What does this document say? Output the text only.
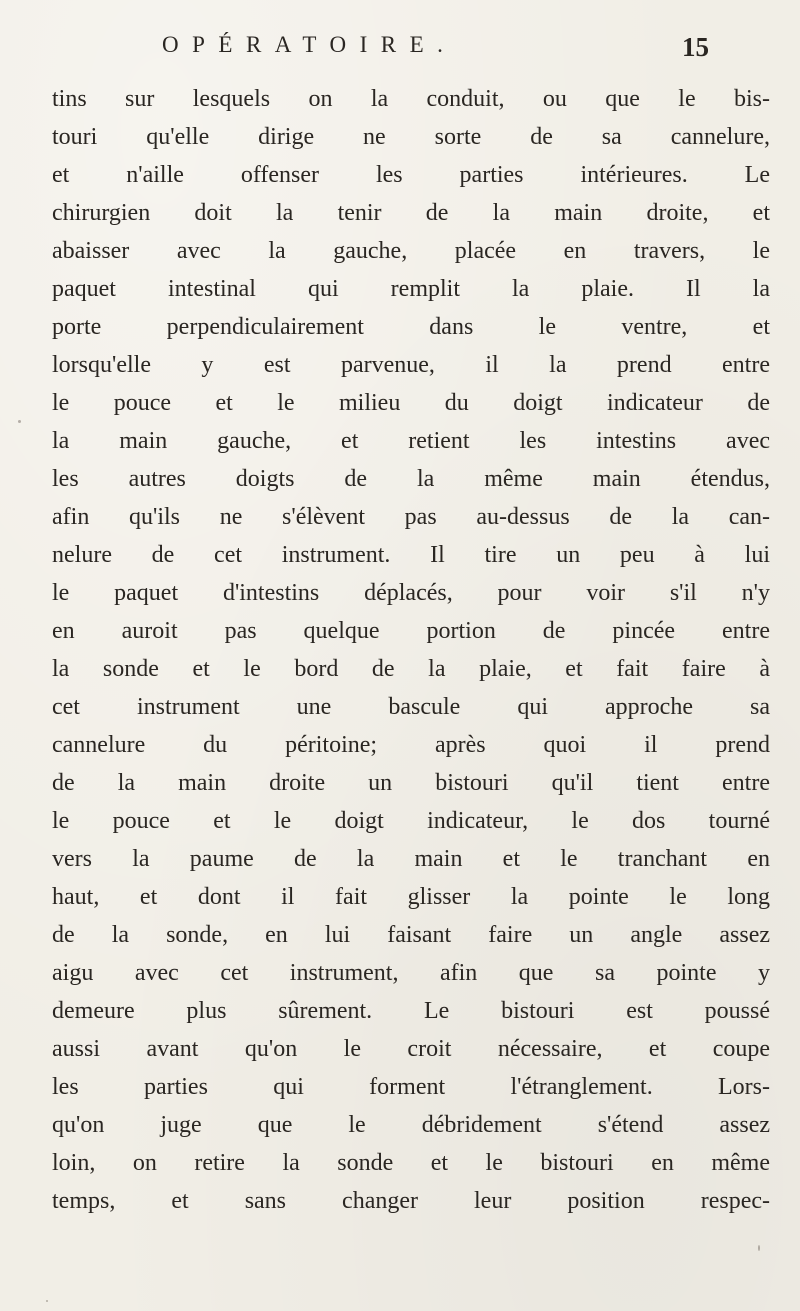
OPÉRATOIRE.	15
tins sur lesquels on la conduit, ou que le bis-
touri qu'elle dirige ne sorte de sa cannelure,
et n'aille offenser les parties intérieures. Le
chirurgien doit la tenir de la main droite, et
abaisser avec la gauche, placée en travers, le
paquet intestinal qui remplit la plaie. Il la
porte perpendiculairement dans le ventre, et
lorsqu'elle y est parvenue, il la prend entre
le pouce et le milieu du doigt indicateur de
la main gauche, et retient les intestins avec
les autres doigts de la même main étendus,
afin qu'ils ne s'élèvent pas au-dessus de la can-
nelure de cet instrument. Il tire un peu à lui
le paquet d'intestins déplacés, pour voir s'il n'y
en auroit pas quelque portion de pincée entre
la sonde et le bord de la plaie, et fait faire à
cet instrument une bascule qui approche sa
cannelure du péritoine; après quoi il prend
de la main droite un bistouri qu'il tient entre
le pouce et le doigt indicateur, le dos tourné
vers la paume de la main et le tranchant en
haut, et dont il fait glisser la pointe le long
de la sonde, en lui faisant faire un angle assez
aigu avec cet instrument, afin que sa pointe y
demeure plus sûrement. Le bistouri est poussé
aussi avant qu'on le croit nécessaire, et coupe
les parties qui forment l'étranglement. Lors-
qu'on juge que le débridement s'étend assez
loin, on retire la sonde et le bistouri en même
temps, et sans changer leur position respec-
